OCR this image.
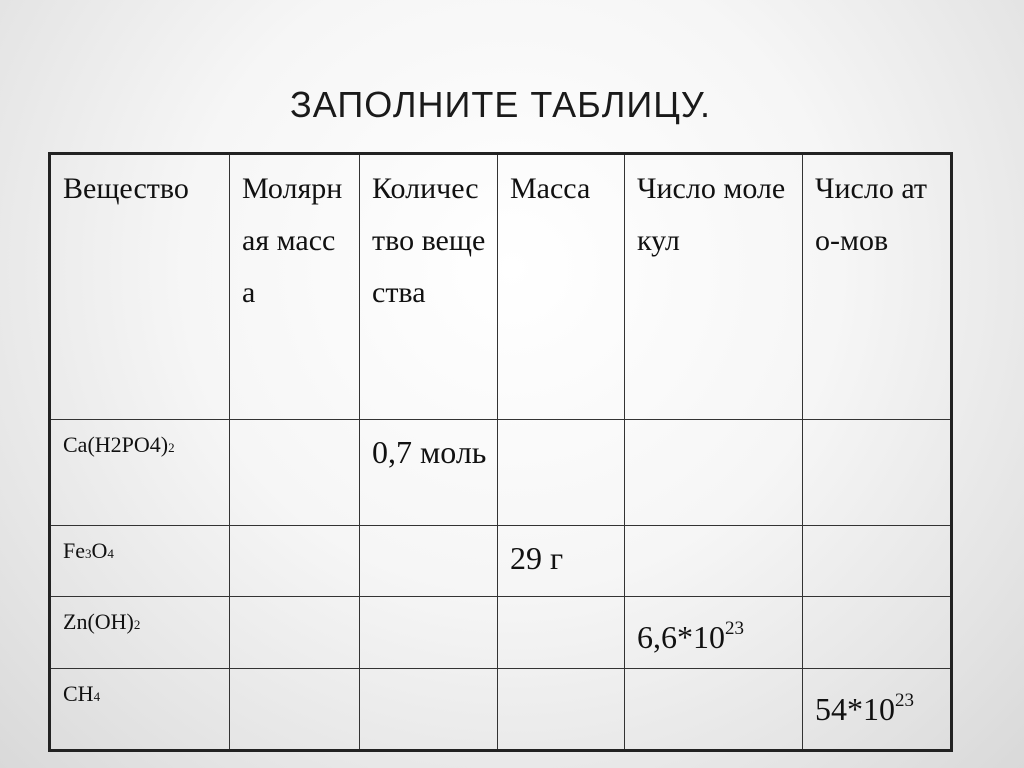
ЗАПОЛНИТЕ ТАБЛИЦУ.
Вещество	Молярная масса	Количество вещества	Масса	Число молекул	Число ато-мов

Ca(H2PO4)2		0,7 моль			

Fe3O4			29 г		

Zn(OH)2				$6,6*10^{23}$

CH4					$54*10^{23}$
